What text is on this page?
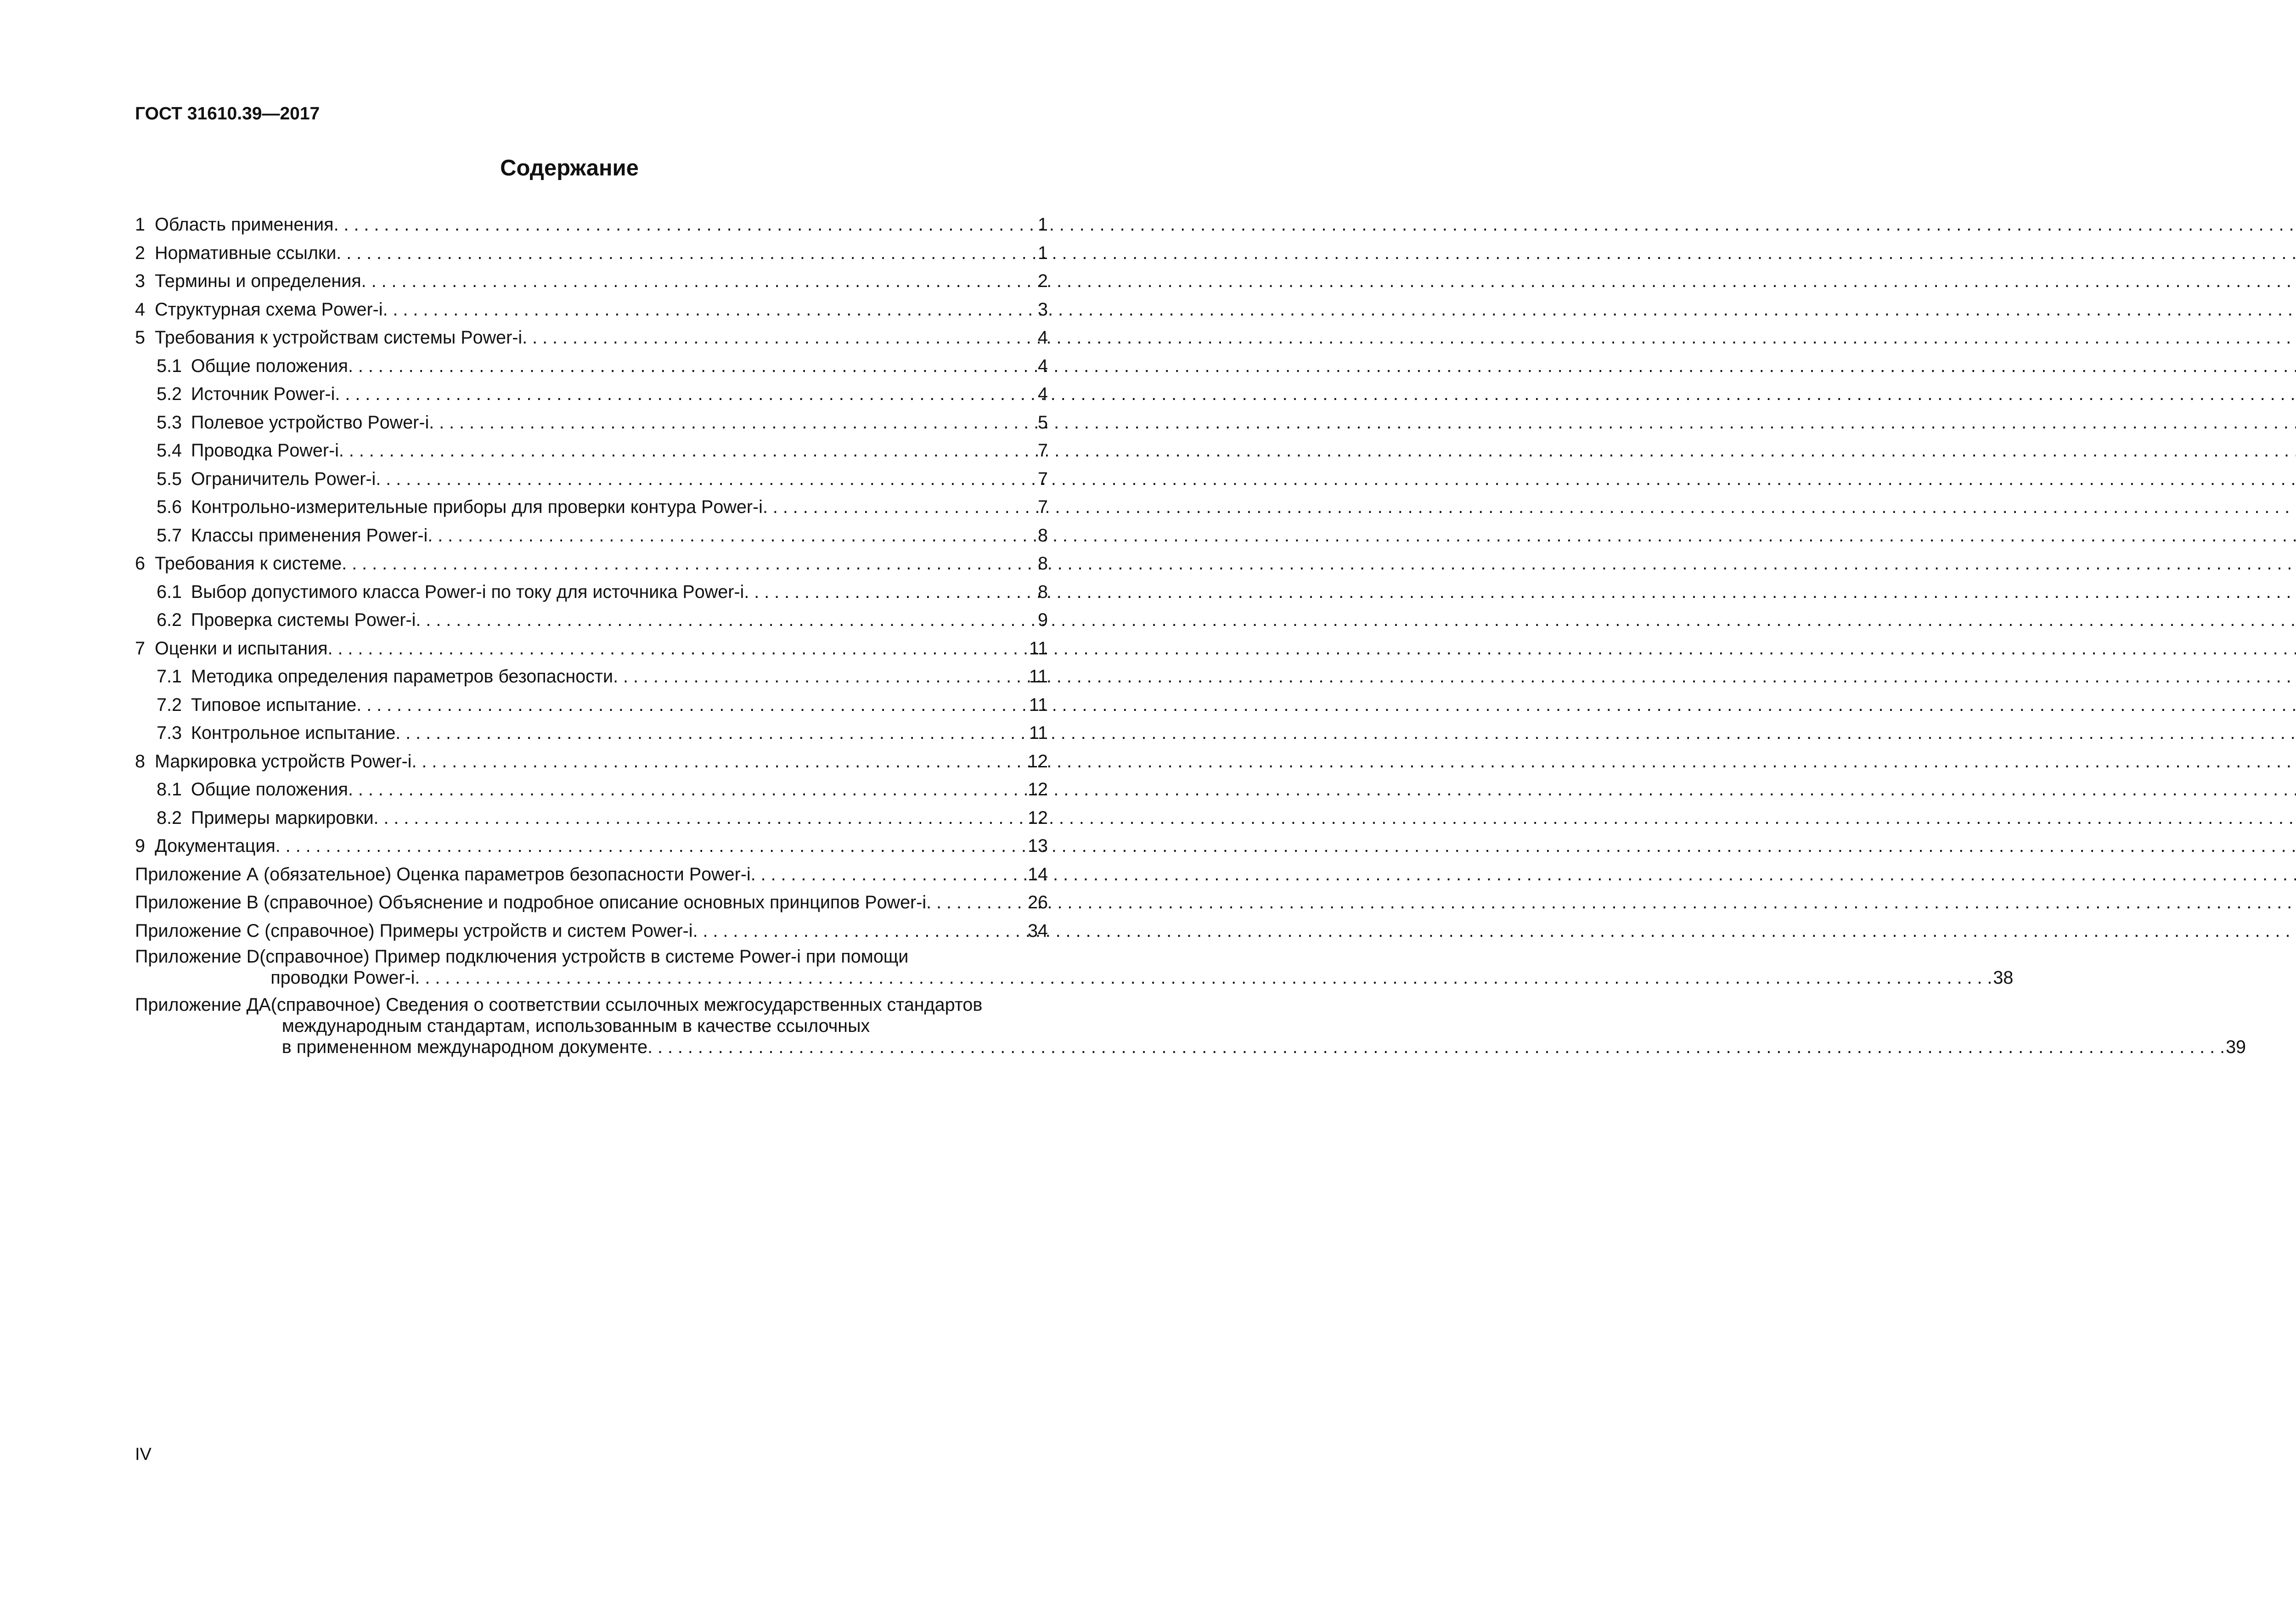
ГОСТ 31610.39—2017
Содержание
1 Область применения . . .	1
2 Нормативные ссылки . . .	1
3 Термины и определения . . .	2
4 Структурная схема Power-i . . .	3
5 Требования к устройствам системы Power-i . . .	4
5.1 Общие положения . . .	4
5.2 Источник Power-i . . .	4
5.3 Полевое устройство Power-i . . .	5
5.4 Проводка Power-i . . .	7
5.5 Ограничитель Power-i . . .	7
5.6 Контрольно-измерительные приборы для проверки контура Power-i . . .	7
5.7 Классы применения Power-i . . .	8
6 Требования к системе . . .	8
6.1 Выбор допустимого класса Power-i по току для источника Power-i . . .	8
6.2 Проверка системы Power-i . . .	9
7 Оценки и испытания . . .	11
7.1 Методика определения параметров безопасности . . .	11
7.2 Типовое испытание . . .	11
7.3 Контрольное испытание . . .	11
8 Маркировка устройств Power-i . . .	12
8.1 Общие положения . . .	12
8.2 Примеры маркировки . . .	12
9 Документация . . .	13
Приложение А (обязательное) Оценка параметров безопасности Power-i . . .	14
Приложение В (справочное) Объяснение и подробное описание основных принципов Power-i . . .	26
Приложение С (справочное) Примеры устройств и систем Power-i . . .	34
Приложение D (справочное) Пример подключения устройств в системе Power-i при помощи
проводки Power-i . . .	38
Приложение ДА (справочное) Сведения о соответствии ссылочных межгосударственных стандартов
международным стандартам, использованным в качестве ссылочных
в примененном международном документе . . .	39
IV
